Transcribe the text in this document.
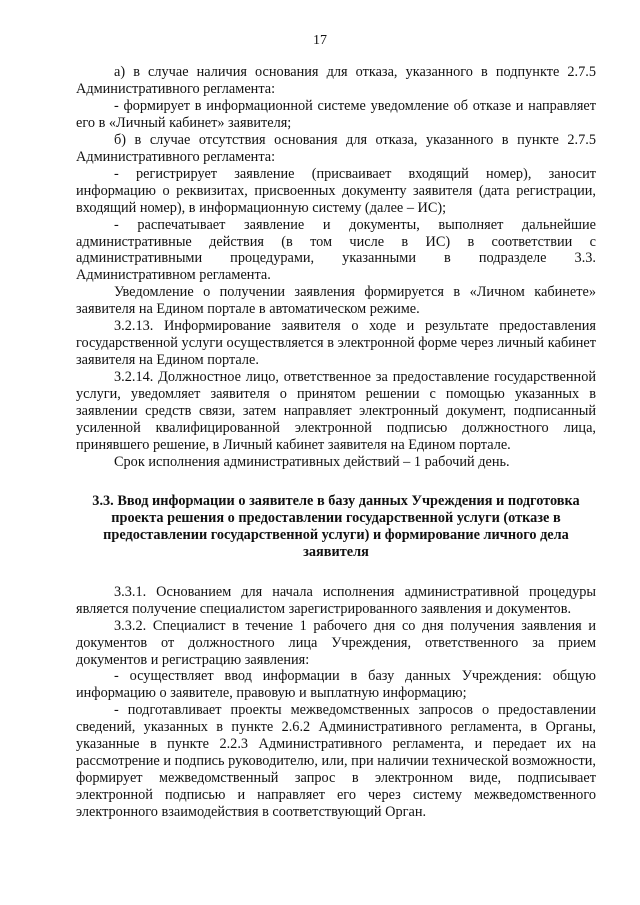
17

а) в случае наличия основания для отказа, указанного в подпункте 2.7.5 Административного регламента:

- формирует в информационной системе уведомление об отказе и направляет его в «Личный кабинет» заявителя;

б) в случае отсутствия основания для отказа, указанного в пункте 2.7.5 Административного регламента:

- регистрирует заявление (присваивает входящий номер), заносит информацию о реквизитах, присвоенных документу заявителя (дата регистрации, входящий номер), в информационную систему (далее – ИС);

- распечатывает заявление и документы, выполняет дальнейшие административные действия (в том числе в ИС) в соответствии с административными процедурами, указанными в подразделе 3.3. Административном регламента.

Уведомление о получении заявления формируется в «Личном кабинете» заявителя на Едином портале в автоматическом режиме.

3.2.13. Информирование заявителя о ходе и результате предоставления государственной услуги осуществляется в электронной форме через личный кабинет заявителя на Едином портале.

3.2.14. Должностное лицо, ответственное за предоставление государственной услуги, уведомляет заявителя о принятом решении с помощью указанных в заявлении средств связи, затем направляет электронный документ, подписанный усиленной квалифицированной электронной подписью должностного лица, принявшего решение, в Личный кабинет заявителя на Едином портале.

Срок исполнения административных действий – 1 рабочий день.

3.3. Ввод информации о заявителе в базу данных Учреждения и подготовка проекта решения о предоставлении государственной услуги (отказе в предоставлении государственной услуги) и формирование личного дела заявителя

3.3.1. Основанием для начала исполнения административной процедуры является получение специалистом зарегистрированного заявления и документов.

3.3.2. Специалист в течение 1 рабочего дня со дня получения заявления и документов от должностного лица Учреждения, ответственного за прием документов и регистрацию заявления:

- осуществляет ввод информации в базу данных Учреждения: общую информацию о заявителе, правовую и выплатную информацию;

- подготавливает проекты межведомственных запросов о предоставлении сведений, указанных в пункте 2.6.2 Административного регламента, в Органы, указанные в пункте 2.2.3 Административного регламента, и передает их на рассмотрение и подпись руководителю, или, при наличии технической возможности, формирует межведомственный запрос в электронном виде, подписывает электронной подписью и направляет его через систему межведомственного электронного взаимодействия в соответствующий Орган.
